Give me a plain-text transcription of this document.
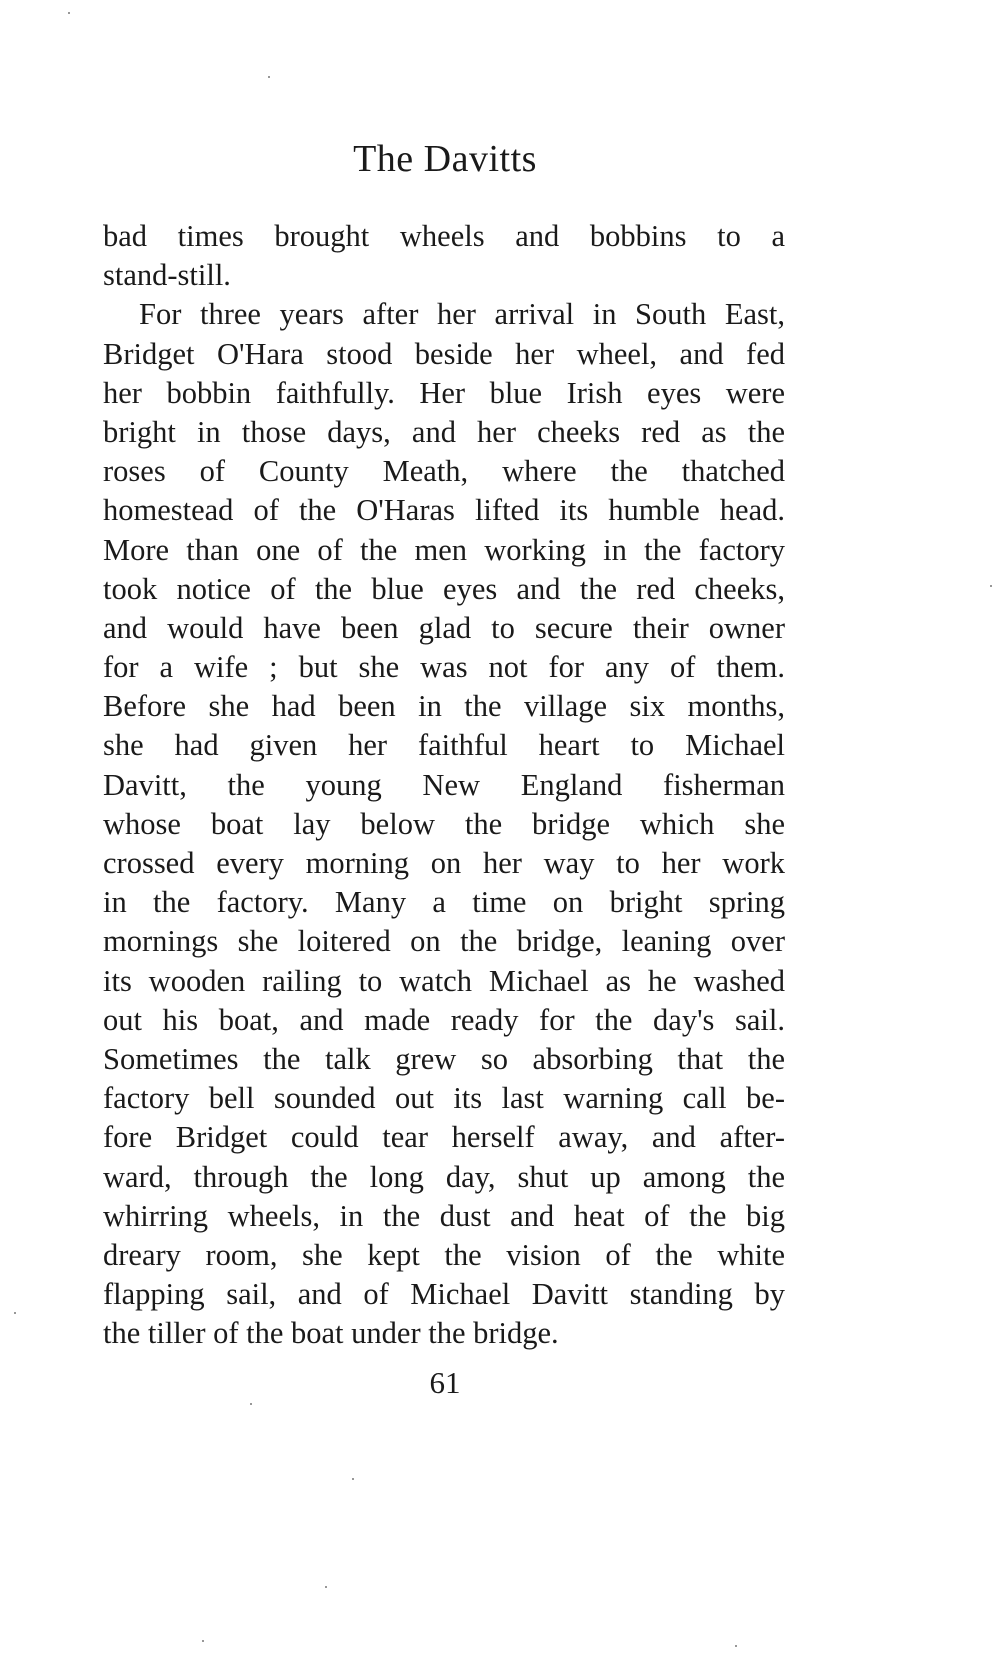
The Davitts
bad times brought wheels and bobbins to a
stand-still.
For three years after her arrival in South East,
Bridget O'Hara stood beside her wheel, and fed
her bobbin faithfully. Her blue Irish eyes were
bright in those days, and her cheeks red as the
roses of County Meath, where the thatched
homestead of the O'Haras lifted its humble head.
More than one of the men working in the factory
took notice of the blue eyes and the red cheeks,
and would have been glad to secure their owner
for a wife ; but she was not for any of them.
Before she had been in the village six months,
she had given her faithful heart to Michael
Davitt, the young New England fisherman
whose boat lay below the bridge which she
crossed every morning on her way to her work
in the factory. Many a time on bright spring
mornings she loitered on the bridge, leaning over
its wooden railing to watch Michael as he washed
out his boat, and made ready for the day's sail.
Sometimes the talk grew so absorbing that the
factory bell sounded out its last warning call be-
fore Bridget could tear herself away, and after-
ward, through the long day, shut up among the
whirring wheels, in the dust and heat of the big
dreary room, she kept the vision of the white
flapping sail, and of Michael Davitt standing by
the tiller of the boat under the bridge.
61
